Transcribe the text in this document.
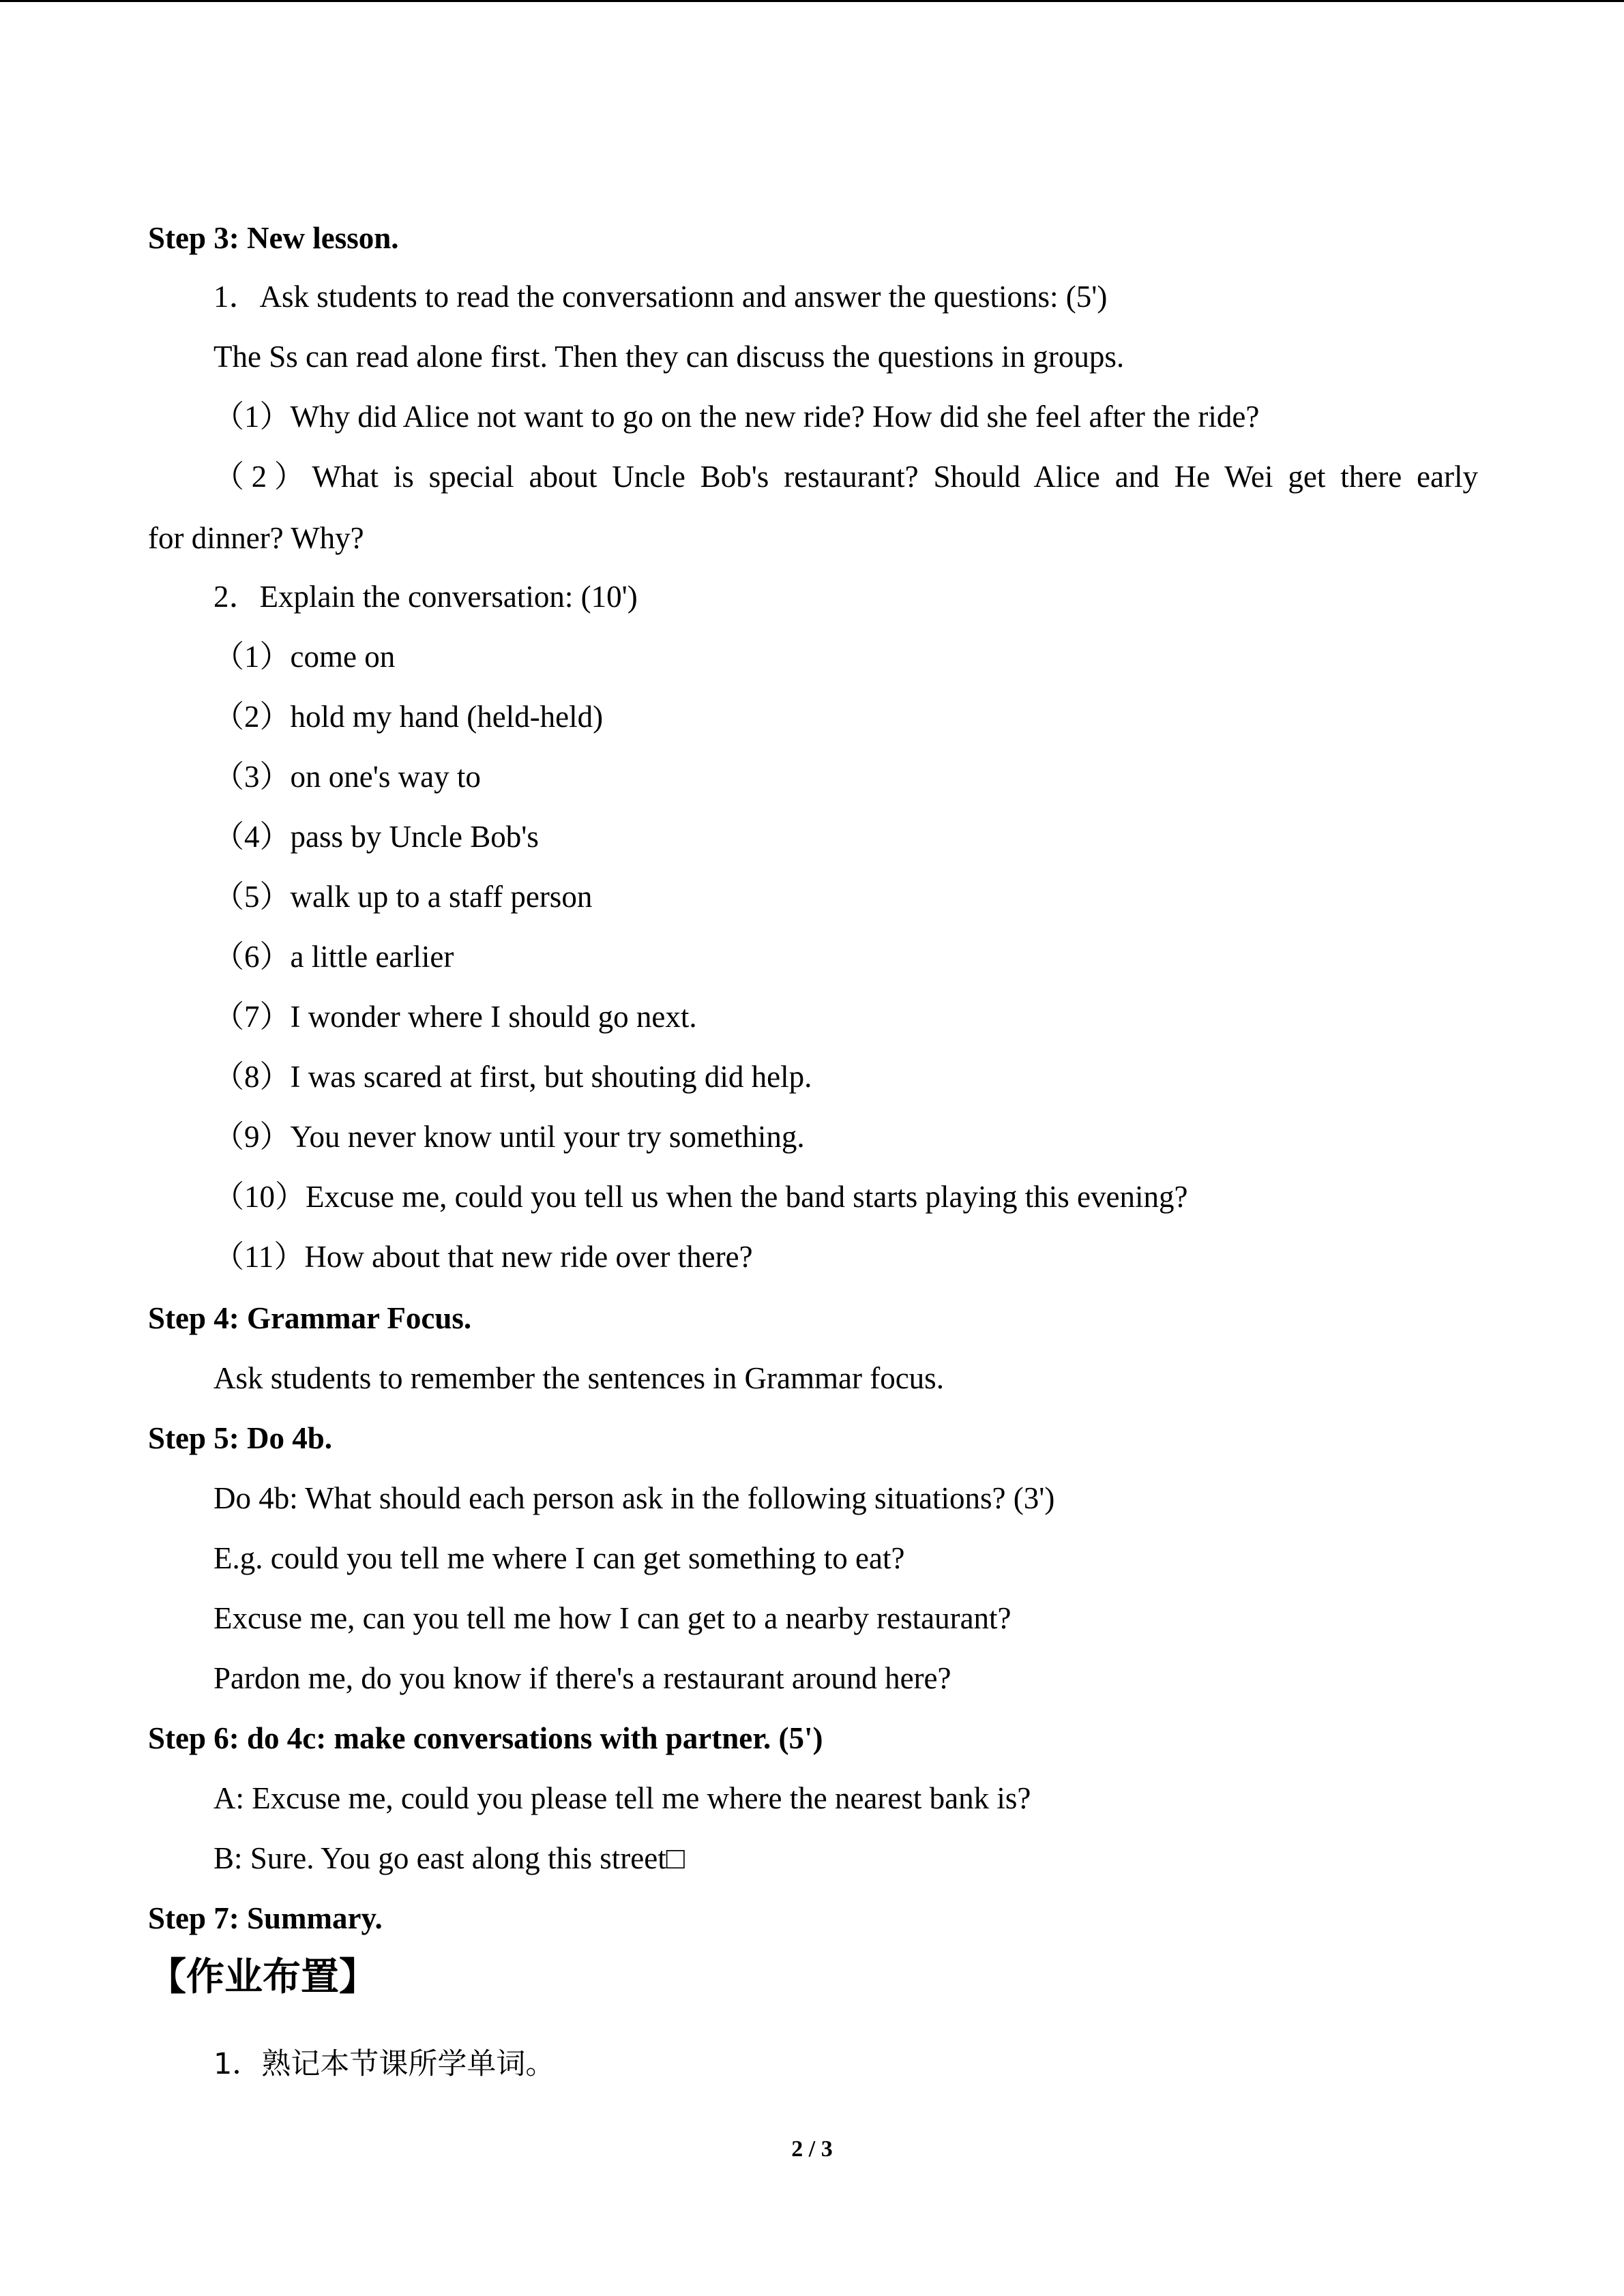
Step 3: New lesson.
1．Ask students to read the conversationn and answer the questions: (5')
The Ss can read alone first. Then they can discuss the questions in groups.
（1）Why did Alice not want to go on the new ride? How did she feel after the ride?
（2）What is special about Uncle Bob's restaurant? Should Alice and He Wei get there early
for dinner? Why?
2．Explain the conversation: (10')
（1）come on
（2）hold my hand (held-held)
（3）on one's way to
（4）pass by Uncle Bob's
（5）walk up to a staff person
（6）a little earlier
（7）I wonder where I should go next.
（8）I was scared at first, but shouting did help.
（9）You never know until your try something.
（10）Excuse me, could you tell us when the band starts playing this evening?
（11）How about that new ride over there?
Step 4: Grammar Focus.
Ask students to remember the sentences in Grammar focus.
Step 5: Do 4b.
Do 4b: What should each person ask in the following situations? (3')
E.g. could you tell me where I can get something to eat?
Excuse me, can you tell me how I can get to a nearby restaurant?
Pardon me, do you know if there's a restaurant around here?
Step 6: do 4c: make conversations with partner. (5')
A: Excuse me, could you please tell me where the nearest bank is?
B: Sure. You go east along this street□
Step 7: Summary.
【作业布置】
1．熟记本节课所学单词。
2 / 3
